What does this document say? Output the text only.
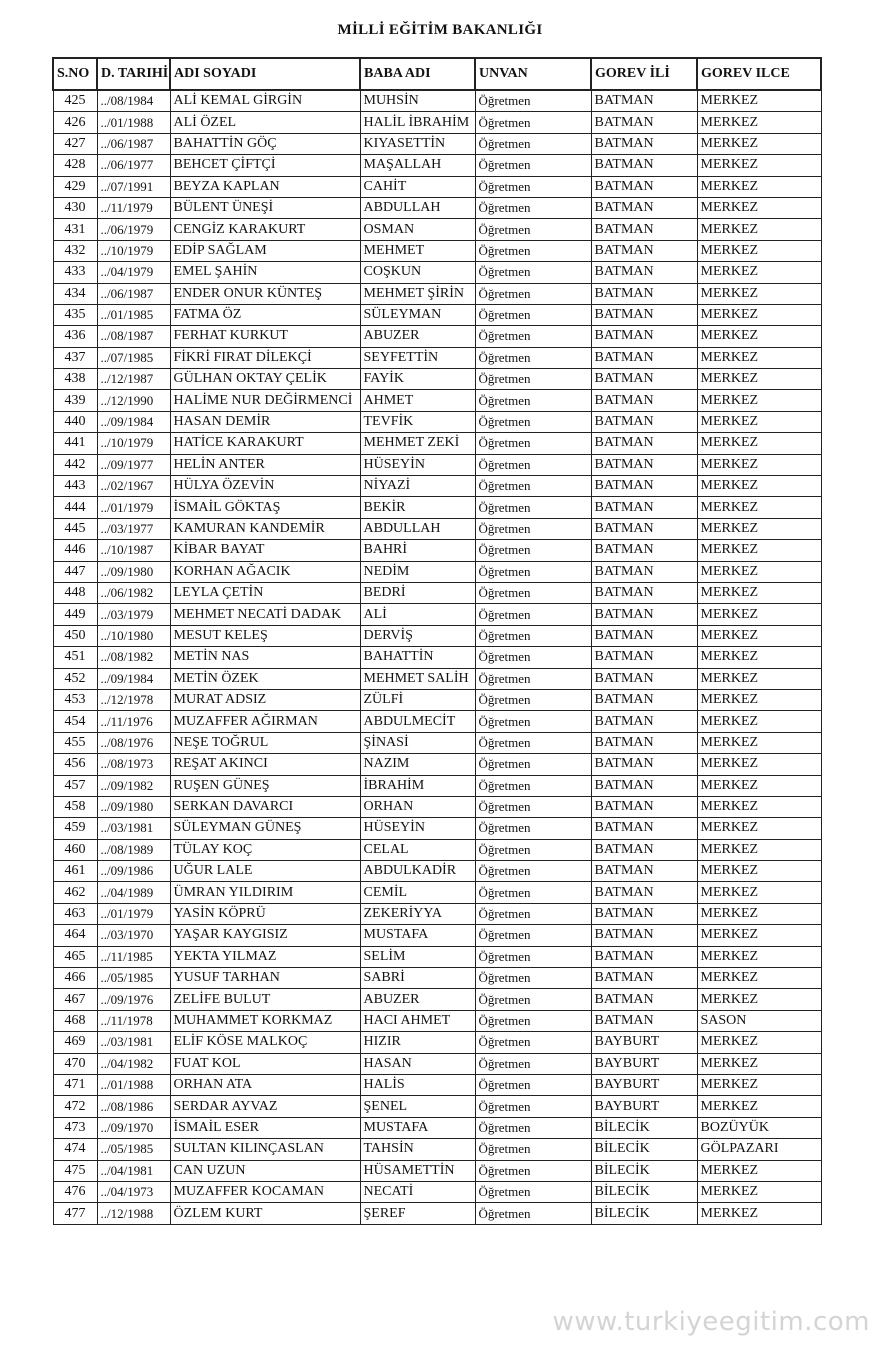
MİLLİ EĞİTİM BAKANLIĞI
S.NO	D. TARIHİ	ADI SOYADI	BABA ADI	UNVAN	GOREV İLİ	GOREV ILCE
425	../08/1984	ALİ KEMAL GİRGİN	MUHSİN	Öğretmen	BATMAN	MERKEZ
426	../01/1988	ALİ ÖZEL	HALİL İBRAHİM	Öğretmen	BATMAN	MERKEZ
427	../06/1987	BAHATTİN GÖÇ	KIYASETTİN	Öğretmen	BATMAN	MERKEZ
428	../06/1977	BEHCET ÇİFTÇİ	MAŞALLAH	Öğretmen	BATMAN	MERKEZ
429	../07/1991	BEYZA KAPLAN	CAHİT	Öğretmen	BATMAN	MERKEZ
430	../11/1979	BÜLENT ÜNEŞİ	ABDULLAH	Öğretmen	BATMAN	MERKEZ
431	../06/1979	CENGİZ KARAKURT	OSMAN	Öğretmen	BATMAN	MERKEZ
432	../10/1979	EDİP SAĞLAM	MEHMET	Öğretmen	BATMAN	MERKEZ
433	../04/1979	EMEL ŞAHİN	COŞKUN	Öğretmen	BATMAN	MERKEZ
434	../06/1987	ENDER ONUR KÜNTEŞ	MEHMET ŞİRİN	Öğretmen	BATMAN	MERKEZ
435	../01/1985	FATMA ÖZ	SÜLEYMAN	Öğretmen	BATMAN	MERKEZ
436	../08/1987	FERHAT KURKUT	ABUZER	Öğretmen	BATMAN	MERKEZ
437	../07/1985	FİKRİ FIRAT DİLEKÇİ	SEYFETTİN	Öğretmen	BATMAN	MERKEZ
438	../12/1987	GÜLHAN OKTAY ÇELİK	FAYİK	Öğretmen	BATMAN	MERKEZ
439	../12/1990	HALİME NUR DEĞİRMENCİ	AHMET	Öğretmen	BATMAN	MERKEZ
440	../09/1984	HASAN DEMİR	TEVFİK	Öğretmen	BATMAN	MERKEZ
441	../10/1979	HATİCE KARAKURT	MEHMET ZEKİ	Öğretmen	BATMAN	MERKEZ
442	../09/1977	HELİN ANTER	HÜSEYİN	Öğretmen	BATMAN	MERKEZ
443	../02/1967	HÜLYA ÖZEVİN	NİYAZİ	Öğretmen	BATMAN	MERKEZ
444	../01/1979	İSMAİL GÖKTAŞ	BEKİR	Öğretmen	BATMAN	MERKEZ
445	../03/1977	KAMURAN KANDEMİR	ABDULLAH	Öğretmen	BATMAN	MERKEZ
446	../10/1987	KİBAR BAYAT	BAHRİ	Öğretmen	BATMAN	MERKEZ
447	../09/1980	KORHAN AĞACIK	NEDİM	Öğretmen	BATMAN	MERKEZ
448	../06/1982	LEYLA ÇETİN	BEDRİ	Öğretmen	BATMAN	MERKEZ
449	../03/1979	MEHMET NECATİ DADAK	ALİ	Öğretmen	BATMAN	MERKEZ
450	../10/1980	MESUT KELEŞ	DERVİŞ	Öğretmen	BATMAN	MERKEZ
451	../08/1982	METİN NAS	BAHATTİN	Öğretmen	BATMAN	MERKEZ
452	../09/1984	METİN ÖZEK	MEHMET SALİH	Öğretmen	BATMAN	MERKEZ
453	../12/1978	MURAT ADSIZ	ZÜLFİ	Öğretmen	BATMAN	MERKEZ
454	../11/1976	MUZAFFER AĞIRMAN	ABDULMECİT	Öğretmen	BATMAN	MERKEZ
455	../08/1976	NEŞE TOĞRUL	ŞİNASİ	Öğretmen	BATMAN	MERKEZ
456	../08/1973	REŞAT AKINCI	NAZIM	Öğretmen	BATMAN	MERKEZ
457	../09/1982	RUŞEN GÜNEŞ	İBRAHİM	Öğretmen	BATMAN	MERKEZ
458	../09/1980	SERKAN DAVARCI	ORHAN	Öğretmen	BATMAN	MERKEZ
459	../03/1981	SÜLEYMAN GÜNEŞ	HÜSEYİN	Öğretmen	BATMAN	MERKEZ
460	../08/1989	TÜLAY KOÇ	CELAL	Öğretmen	BATMAN	MERKEZ
461	../09/1986	UĞUR LALE	ABDULKADİR	Öğretmen	BATMAN	MERKEZ
462	../04/1989	ÜMRAN YILDIRIM	CEMİL	Öğretmen	BATMAN	MERKEZ
463	../01/1979	YASİN KÖPRÜ	ZEKERİYYA	Öğretmen	BATMAN	MERKEZ
464	../03/1970	YAŞAR KAYGISIZ	MUSTAFA	Öğretmen	BATMAN	MERKEZ
465	../11/1985	YEKTA YILMAZ	SELİM	Öğretmen	BATMAN	MERKEZ
466	../05/1985	YUSUF TARHAN	SABRİ	Öğretmen	BATMAN	MERKEZ
467	../09/1976	ZELİFE BULUT	ABUZER	Öğretmen	BATMAN	MERKEZ
468	../11/1978	MUHAMMET KORKMAZ	HACI AHMET	Öğretmen	BATMAN	SASON
469	../03/1981	ELİF KÖSE MALKOÇ	HIZIR	Öğretmen	BAYBURT	MERKEZ
470	../04/1982	FUAT KOL	HASAN	Öğretmen	BAYBURT	MERKEZ
471	../01/1988	ORHAN ATA	HALİS	Öğretmen	BAYBURT	MERKEZ
472	../08/1986	SERDAR AYVAZ	ŞENEL	Öğretmen	BAYBURT	MERKEZ
473	../09/1970	İSMAİL ESER	MUSTAFA	Öğretmen	BİLECİK	BOZÜYÜK
474	../05/1985	SULTAN KILINÇASLAN	TAHSİN	Öğretmen	BİLECİK	GÖLPAZARI
475	../04/1981	CAN UZUN	HÜSAMETTİN	Öğretmen	BİLECİK	MERKEZ
476	../04/1973	MUZAFFER KOCAMAN	NECATİ	Öğretmen	BİLECİK	MERKEZ
477	../12/1988	ÖZLEM KURT	ŞEREF	Öğretmen	BİLECİK	MERKEZ
www.turkiyeegitim.com
